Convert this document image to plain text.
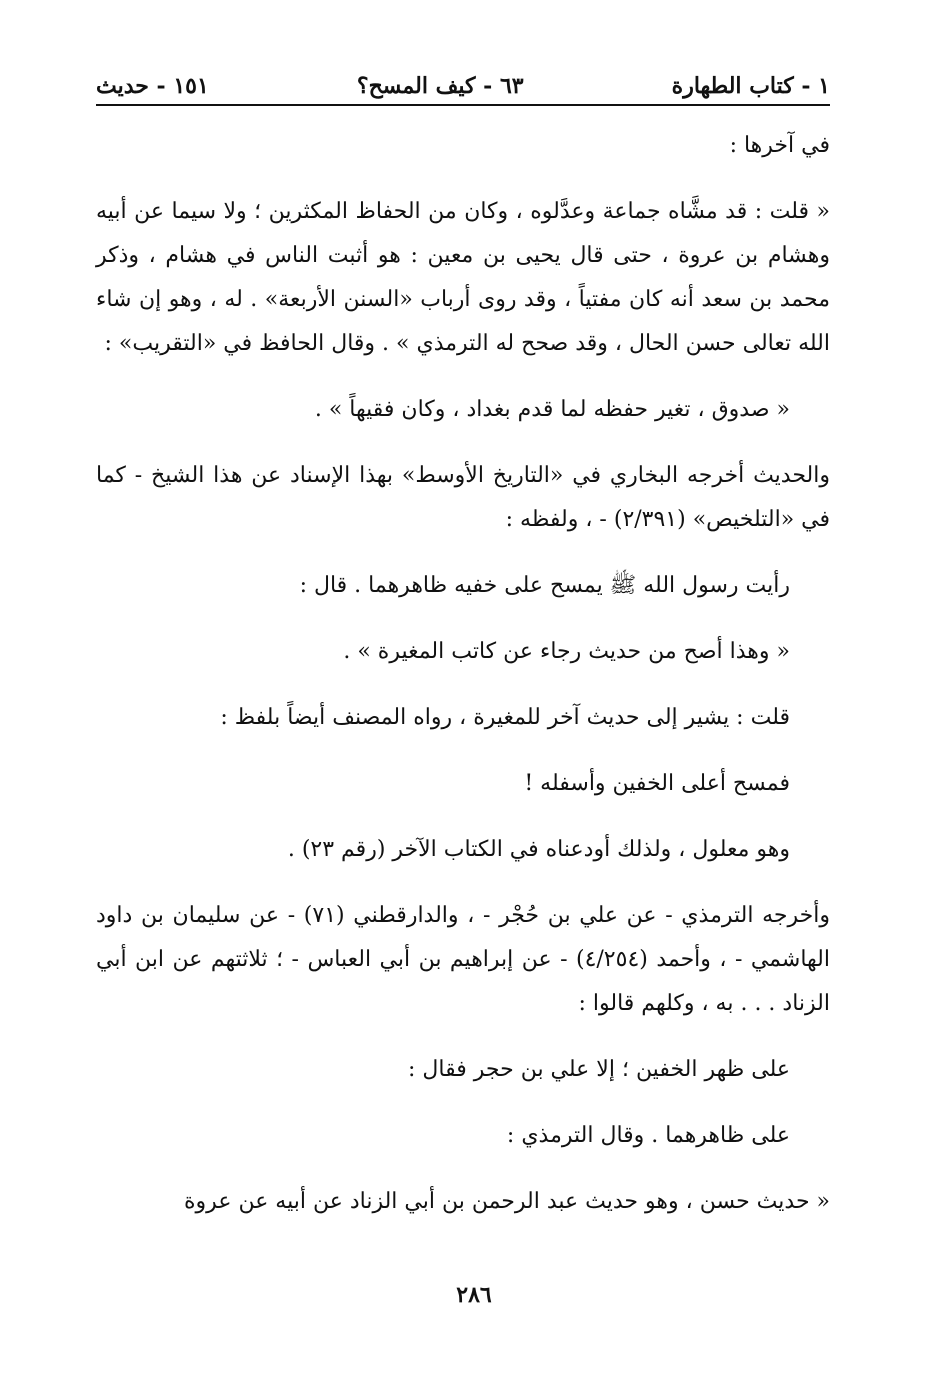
١ - كتاب الطهارة
٦٣ - كيف المسح؟
١٥١ - حديث

في آخرها :

« قلت : قد مشَّاه جماعة وعدَّلوه ، وكان من الحفاظ المكثرين ؛ ولا سيما عن أبيه وهشام بن عروة ، حتى قال يحيى بن معين : هو أثبت الناس في هشام ، وذكر محمد بن سعد أنه كان مفتياً ، وقد روى أرباب «السنن الأربعة» . له ، وهو إن شاء الله تعالى حسن الحال ، وقد صحح له الترمذي » . وقال الحافظ في «التقريب» :

« صدوق ، تغير حفظه لما قدم بغداد ، وكان فقيهاً » .

والحديث أخرجه البخاري في «التاريخ الأوسط» بهذا الإسناد عن هذا الشيخ - كما في «التلخيص» (٢/٣٩١) - ، ولفظه :

رأيت رسول الله ﷺ يمسح على خفيه ظاهرهما . قال :

« وهذا أصح من حديث رجاء عن كاتب المغيرة » .

قلت : يشير إلى حديث آخر للمغيرة ، رواه المصنف أيضاً بلفظ :

فمسح أعلى الخفين وأسفله !

وهو معلول ، ولذلك أودعناه في الكتاب الآخر (رقم ٢٣) .

وأخرجه الترمذي - عن علي بن حُجْر - ، والدارقطني (٧١) - عن سليمان بن داود الهاشمي - ، وأحمد (٤/٢٥٤) - عن إبراهيم بن أبي العباس - ؛ ثلاثتهم عن ابن أبي الزناد . . . به ، وكلهم قالوا :

على ظهر الخفين ؛ إلا علي بن حجر فقال :

على ظاهرهما . وقال الترمذي :

« حديث حسن ، وهو حديث عبد الرحمن بن أبي الزناد عن أبيه عن عروة

٢٨٦
